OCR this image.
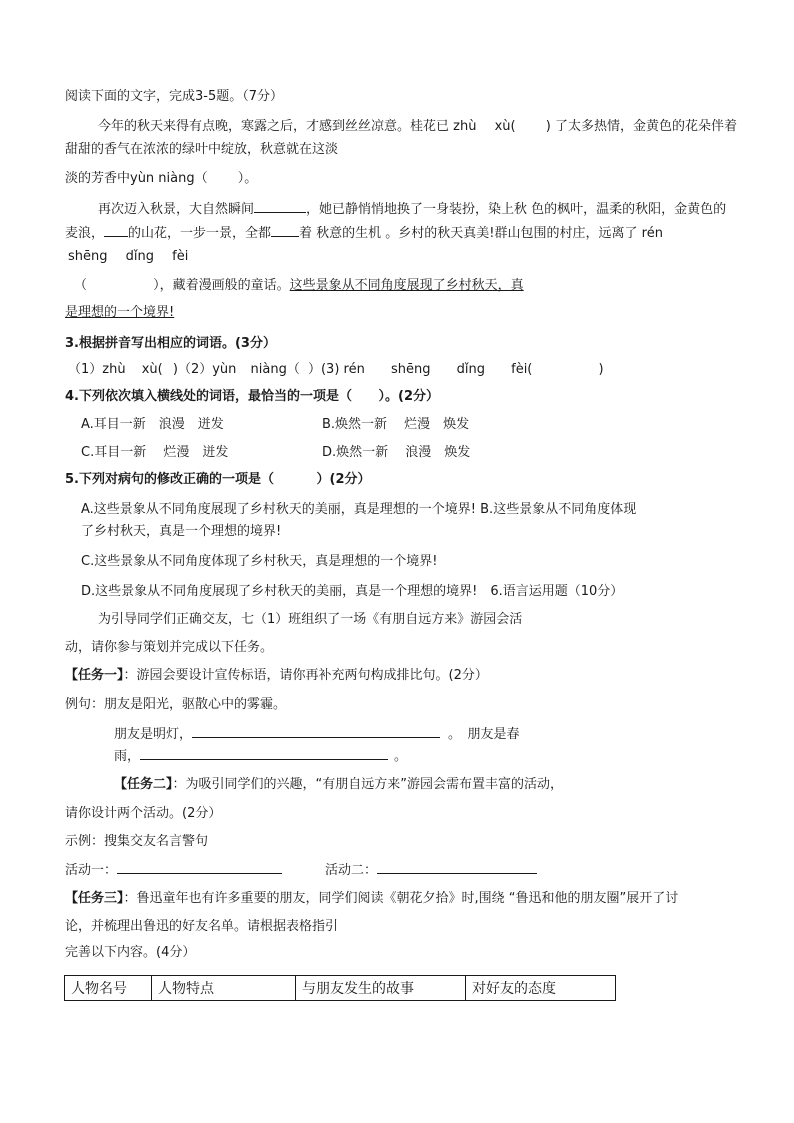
阅读下面的文字，完成3-5题。（7分）
今年的秋天来得有点晚，寒露之后，才感到丝丝凉意。桂花已 zhù xù( ) 了太多热情，金黄色的花朵伴着
甜甜的香气在浓浓的绿叶中绽放，秋意就在这淡
淡的芳香中yùn niàng（ ）。
再次迈入秋景，大自然瞬间	，她已静悄悄地换了一身装扮，染上秋 色的枫叶，温柔的秋阳，金黄色的
麦浪， 的山花，一步一景，全都 着 秋意的生机 。乡村的秋天真美!群山包围的村庄，远离了 rén
shēng dǐng fèi
（	），藏着漫画般的童话。这些景象从不同角度展现了乡村秋天，真
是理想的一个境界!
3.根据拼音写出相应的词语。(3分）
（1）zhù xù( )（2）yùn niàng（ ）(3) rén shēng dǐng fèi(	)
4.下列依次填入横线处的词语，最恰当的一项是（ ）。(2分）
A.耳目一新　浪漫　迸发	B.焕然一新　 烂漫　焕发
C.耳目一新　 烂漫　迸发	D.焕然一新　 浪漫　焕发
5.下列对病句的修改正确的一项是（	）(2分）
A.这些景象从不同角度展现了乡村秋天的美丽，真是理想的一个境界! B.这些景象从不同角度体现
了乡村秋天，真是一个理想的境界!
C.这些景象从不同角度体现了乡村秋天，真是理想的一个境界!
D.这些景象从不同角度展现了乡村秋天的美丽，真是一个理想的境界!　6.语言运用题（10分）
为引导同学们正确交友，七（1）班组织了一场《有朋自远方来》游园会活
动，请你参与策划并完成以下任务。
【任务一】：游园会要设计宣传标语，请你再补充两句构成排比句。(2分）
例句：朋友是阳光，驱散心中的雾霾。
朋友是明灯，	。　朋友是春
雨，	。
【任务二】：为吸引同学们的兴趣，“有朋自远方来”游园会需布置丰富的活动，
请你设计两个活动。(2分）
示例：搜集交友名言警句
活动一：	活动二：
【任务三】：鲁迅童年也有许多重要的朋友，同学们阅读《朝花夕拾》时,围绕 “鲁迅和他的朋友圈”展开了讨
论，并梳理出鲁迅的好友名单。请根据表格指引
完善以下内容。(4分）
人物名号	人物特点	与朋友发生的故事	对好友的态度
